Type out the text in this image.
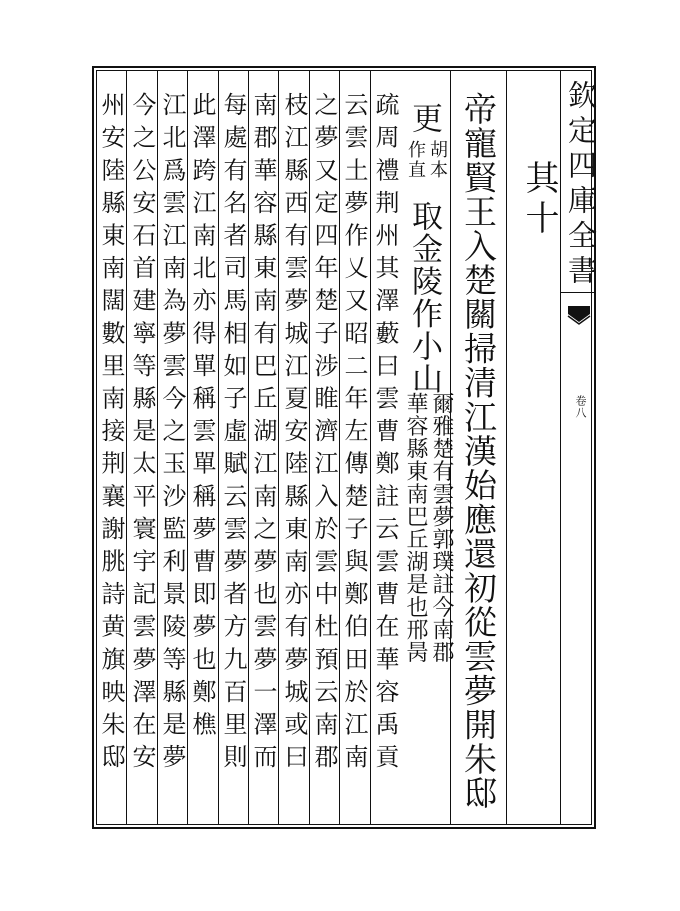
欽定四庫全書
卷八
其十
帝寵賢王入楚關掃清江漢始應還初從雲夢開朱邸
更
胡本
作直
取金陵作小山
爾雅楚有雲夢郭璞註今南郡
華容縣東南巴丘湖是也邢昺
疏周禮荆州其澤藪曰雲曹鄭註云雲曹在華容禹貢
云雲土夢作乂又昭二年左傳楚子與鄭伯田於江南
之夢又定四年楚子涉睢濟江入於雲中杜預云南郡
枝江縣西有雲夢城江夏安陸縣東南亦有夢城或曰
南郡華容縣東南有巴丘湖江南之夢也雲夢一澤而
每處有名者司馬相如子虛賦云雲夢者方九百里則
此澤跨江南北亦得單稱雲單稱夢曹即夢也鄭樵
江北爲雲江南為夢雲今之玉沙監利景陵等縣是夢
今之公安石首建寧等縣是太平寰宇記雲夢澤在安
州安陸縣東南闊數里南接荆襄謝朓詩黄旗映朱邸
